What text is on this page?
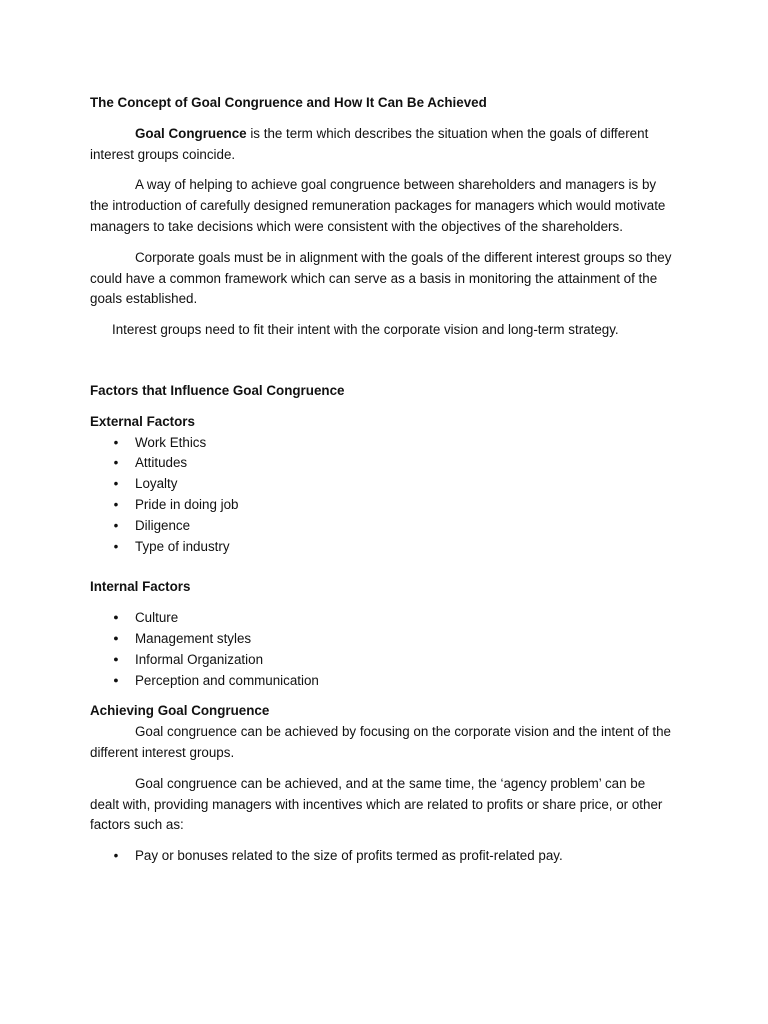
The Concept of Goal Congruence and How It Can Be Achieved

Goal Congruence is the term which describes the situation when the goals of different interest groups coincide.

A way of helping to achieve goal congruence between shareholders and managers is by the introduction of carefully designed remuneration packages for managers which would motivate managers to take decisions which were consistent with the objectives of the shareholders.

Corporate goals must be in alignment with the goals of the different interest groups so they could have a common framework which can serve as a basis in monitoring the attainment of the goals established.

Interest groups need to fit their intent with the corporate vision and long-term strategy.

Factors that Influence Goal Congruence

External Factors

•
Work Ethics
•
Attitudes
•
Loyalty
•
Pride in doing job
•
Diligence
•
Type of industry

Internal Factors

●
Culture
●
Management styles
●
Informal Organization
●
Perception and communication

Achieving Goal Congruence

Goal congruence can be achieved by focusing on the corporate vision and the intent of the different interest groups.

Goal congruence can be achieved, and at the same time, the ‘agency problem’ can be dealt with, providing managers with incentives which are related to profits or share price, or other factors such as:

•
Pay or bonuses related to the size of profits termed as profit-related pay.
